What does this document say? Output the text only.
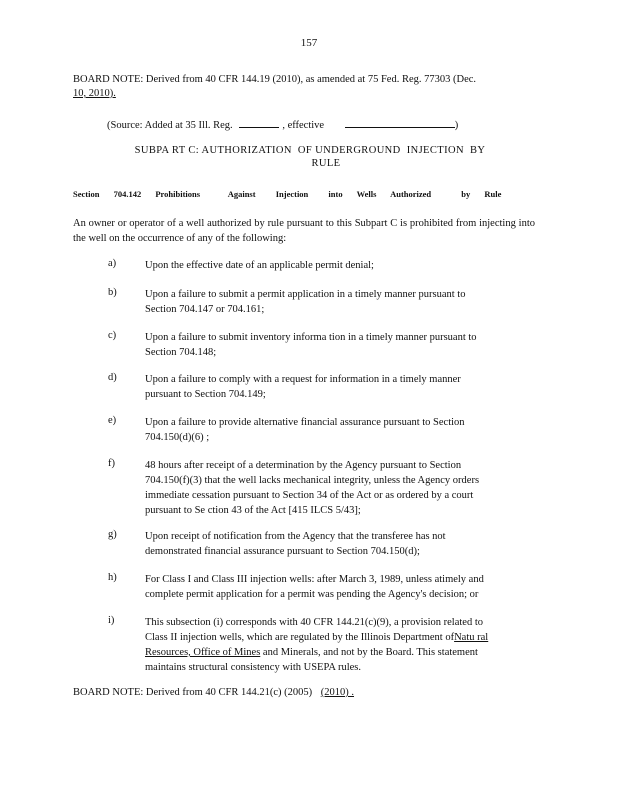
157
BOARD NOTE: Derived from 40 CFR 144.19 (2010), as amended at 75 Fed. Reg. 77303 (Dec.
10, 2010).
(Source: Added at 35 Ill. Reg.	, effective	)
SUBPA RT C: AUTHORIZATION  OF UNDERGROUND  INJECTION  BY
RULE
Section 704.142 Prohibitions	Against Injection into Wells Authorized	by Rule
An owner or operator of a well authorized by rule pursuant to this Subpart C is prohibited from injecting into the well on the occurrence of any of the following:
a)	Upon the effective date of an applicable permit denial;
b)	Upon a failure to submit a permit application in a timely manner pursuant to
Section 704.147 or 704.161;
c)	Upon a failure to submit inventory informa tion in a timely manner pursuant to
Section 704.148;
d)	Upon a failure to comply with a request for information in a timely manner
pursuant to Section 704.149;
e)	Upon a failure to provide alternative financial assurance pursuant to Section
704.150(d)(6) ;
f)	48 hours after receipt of a determination by the Agency pursuant to Section
704.150(f)(3) that the well lacks mechanical integrity, unless the Agency orders
immediate cessation pursuant to Section 34 of the Act or as ordered by a court
pursuant to Se ction 43 of the Act [415 ILCS 5/43];
g)	Upon receipt of notification from the Agency that the transferee has not
demonstrated financial assurance pursuant to Section 704.150(d);
h)	For Class I and Class III injection wells: after March 3, 1989, unless atimely and
complete permit application for a permit was pending the Agency's decision; or
i)	This subsection (i) corresponds with 40 CFR 144.21(c)(9), a provision related to
Class II injection wells, which are regulated by the Illinois Department ofNatu ral
Resources, Office of Mines and Minerals, and not by the Board. This statement
maintains structural consistency with USEPA rules.
BOARD NOTE: Derived from 40 CFR 144.21(c) (2005) (2010) .
